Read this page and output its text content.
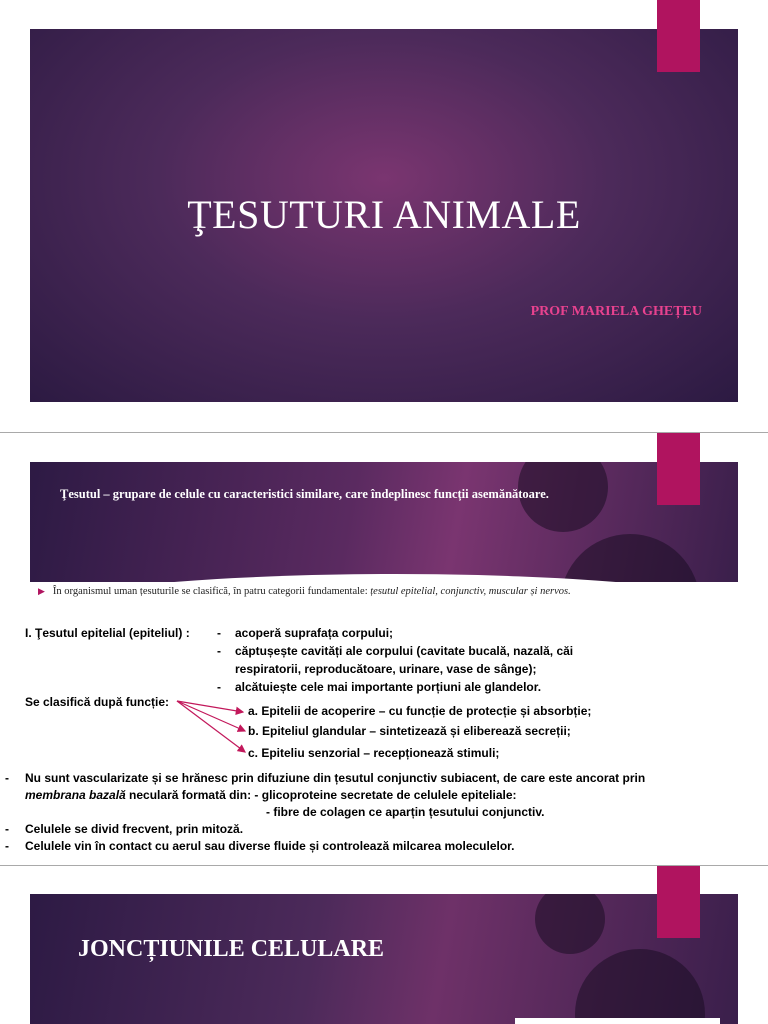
ŢESUTURI ANIMALE
PROF MARIELA GHEȚEU
Ţesutul – grupare de celule cu caracteristici similare, care îndeplinesc funcții asemănătoare.
▶ În organismul uman țesuturile se clasifică, în patru categorii fundamentale: țesutul epitelial, conjunctiv, muscular și nervos.
I. Ţesutul epitelial (epiteliul) : -	acoperă suprafața corpului;
-	căptușește cavități ale corpului (cavitate bucală, nazală, căi respiratorii, reproducătoare, urinare, vase de sânge);
-	alcătuiește cele mai importante porțiuni ale glandelor.
Se clasifică după funcție:
a. Epitelii de acoperire – cu funcție de protecție și absorbție;
b. Epiteliul glandular – sintetizează și eliberează secreții;
c. Epiteliu senzorial – recepționează stimuli;
-	Nu sunt vascularizate și se hrănesc prin difuziune din țesutul conjunctiv subiacent, de care este ancorat prin
membrana bazală neculară formată din: - glicoproteine secretate de celulele epiteliale:
- fibre de colagen ce aparțin țesutului conjunctiv.
-	Celulele se divid frecvent, prin mitoză.
-	Celulele vin în contact cu aerul sau diverse fluide și controlează milcarea moleculelor.
JONCȚIUNILE CELULARE
